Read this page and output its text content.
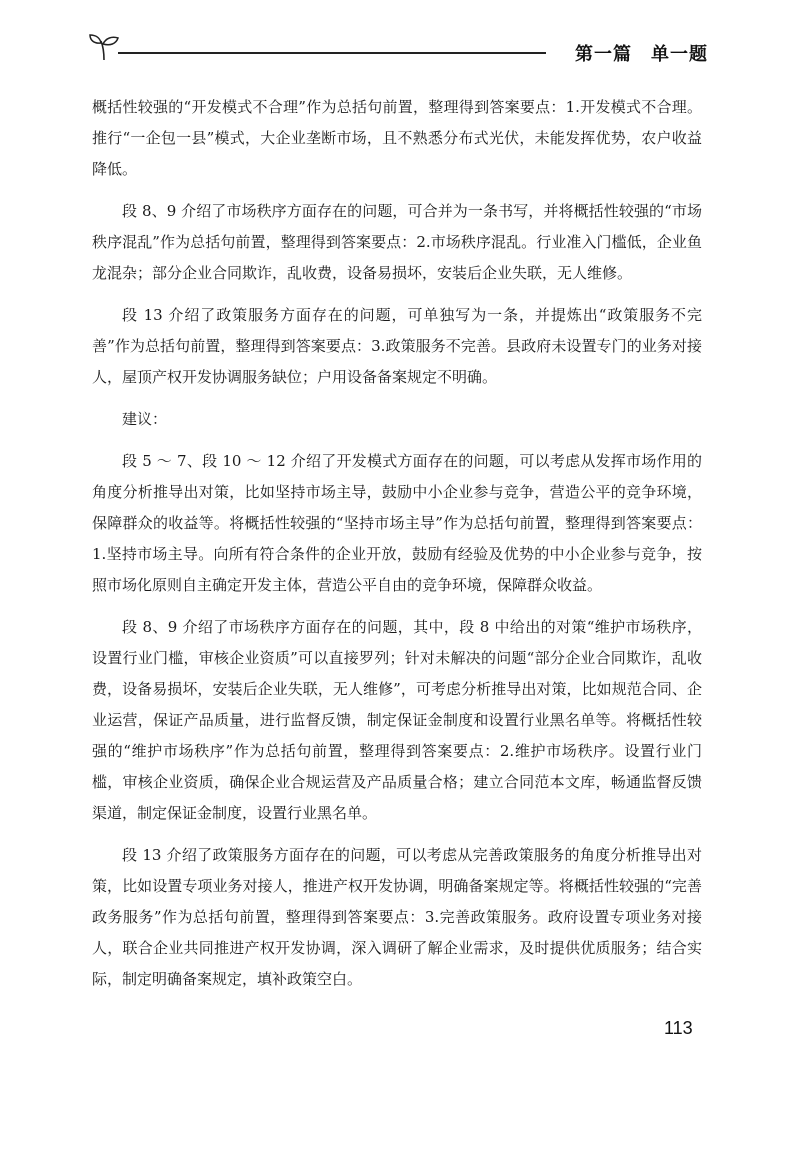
第一篇　单一题

概括性较强的“开发模式不合理”作为总括句前置，整理得到答案要点：1.开发模式不合理。推行“一企包一县”模式，大企业垄断市场，且不熟悉分布式光伏，未能发挥优势，农户收益降低。

段 8、9 介绍了市场秩序方面存在的问题，可合并为一条书写，并将概括性较强的“市场秩序混乱”作为总括句前置，整理得到答案要点：2.市场秩序混乱。行业准入门槛低，企业鱼龙混杂；部分企业合同欺诈，乱收费，设备易损坏，安装后企业失联，无人维修。

段 13 介绍了政策服务方面存在的问题，可单独写为一条，并提炼出“政策服务不完善”作为总括句前置，整理得到答案要点：3.政策服务不完善。县政府未设置专门的业务对接人，屋顶产权开发协调服务缺位；户用设备备案规定不明确。

建议：

段 5 ～ 7、段 10 ～ 12 介绍了开发模式方面存在的问题，可以考虑从发挥市场作用的角度分析推导出对策，比如坚持市场主导，鼓励中小企业参与竞争，营造公平的竞争环境，保障群众的收益等。将概括性较强的“坚持市场主导”作为总括句前置，整理得到答案要点：1.坚持市场主导。向所有符合条件的企业开放，鼓励有经验及优势的中小企业参与竞争，按照市场化原则自主确定开发主体，营造公平自由的竞争环境，保障群众收益。

段 8、9 介绍了市场秩序方面存在的问题，其中，段 8 中给出的对策“维护市场秩序，设置行业门槛，审核企业资质”可以直接罗列；针对未解决的问题“部分企业合同欺诈，乱收费，设备易损坏，安装后企业失联，无人维修”，可考虑分析推导出对策，比如规范合同、企业运营，保证产品质量，进行监督反馈，制定保证金制度和设置行业黑名单等。将概括性较强的“维护市场秩序”作为总括句前置，整理得到答案要点：2.维护市场秩序。设置行业门槛，审核企业资质，确保企业合规运营及产品质量合格；建立合同范本文库，畅通监督反馈渠道，制定保证金制度，设置行业黑名单。

段 13 介绍了政策服务方面存在的问题，可以考虑从完善政策服务的角度分析推导出对策，比如设置专项业务对接人，推进产权开发协调，明确备案规定等。将概括性较强的“完善政务服务”作为总括句前置，整理得到答案要点：3.完善政策服务。政府设置专项业务对接人，联合企业共同推进产权开发协调，深入调研了解企业需求，及时提供优质服务；结合实际，制定明确备案规定，填补政策空白。

113
